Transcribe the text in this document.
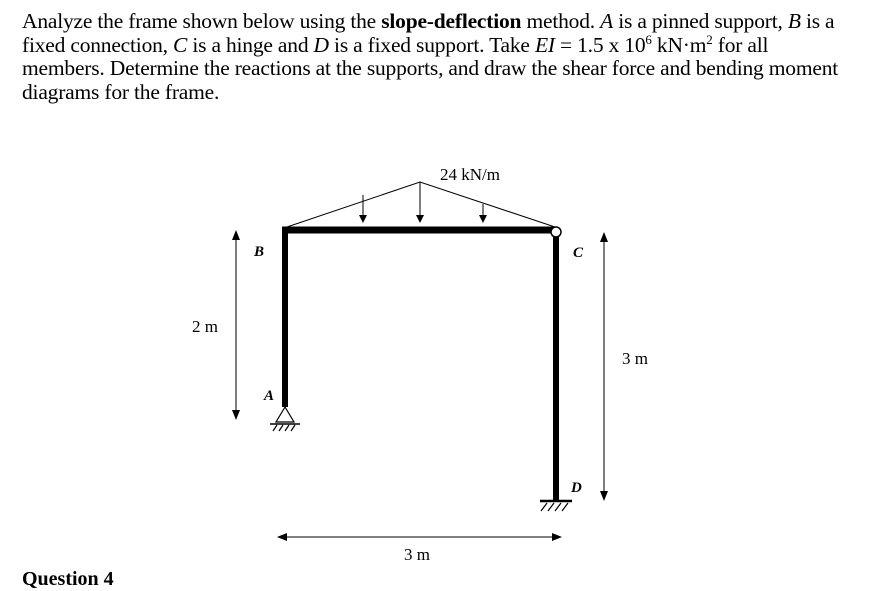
Analyze the frame shown below using the slope-deflection method. A is a pinned support, B is a fixed connection, C is a hinge and D is a fixed support. Take EI = 1.5 x $10^6$ $kN\cdot m^2$ for all members. Determine the reactions at the supports, and draw the shear force and bending moment diagrams for the frame.
24 kN/m
B	C
A
D
2 m
3 m
3 m
Question 4
